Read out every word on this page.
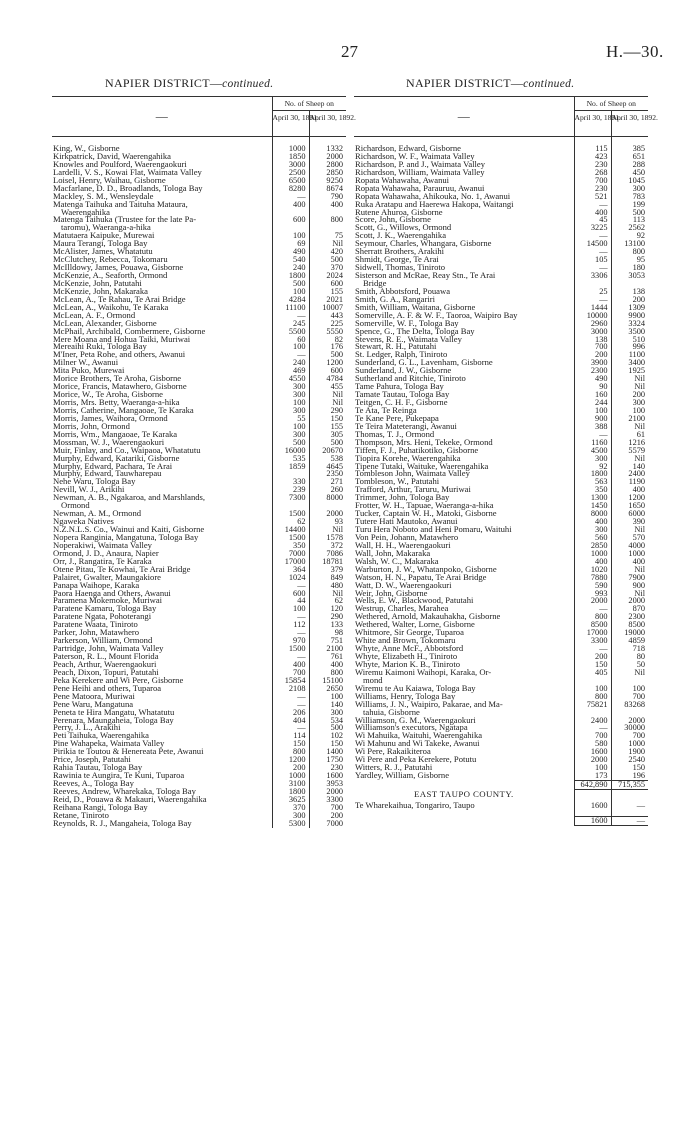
27	H.—30.
NAPIER DISTRICT—continued.	NAPIER DISTRICT—continued.
—	No. of Sheep on	
	April 30, 1891.	April 30, 1892.

King, W., Gisborne	1000	1332
Kirkpatrick, David, Waerengahika	1850	2000
Knowles and Poulford, Waerengaokuri	3000	2800
Lardelli, V. S., Kowai Flat, Waimata Valley	2500	2850
Loisel, Henry, Waihau, Gisborne	6500	9250
Macfarlane, D. D., Broadlands, Tologa Bay	8280	8674
Mackley, S. M., Wensleydale	—	790
Matenga Taihuka and Taituha Mataura,	400	400
Waerengahika		
Matenga Taihuka (Trustee for the late Pa-	600	800
taromu), Waeranga-a-hika		
Matutaera Kaipuke, Murewai	100	75
Maura Terangi, Tologa Bay	69	Nil
McAlister, James, Whatatutu	490	420
McClutchey, Rebecca, Tokomaru	540	500
McIlldowy, James, Pouawa, Gisborne	240	370
McKenzie, A., Seaforth, Ormond	1800	2024
McKenzie, John, Patutahi	500	600
McKenzie, John, Makaraka	100	155
McLean, A., Te Rahau, Te Arai Bridge	4284	2021
McLean, A., Waikohu, Te Karaka	11100	10007
McLean, A. F., Ormond	—	443
McLean, Alexander, Gisborne	245	225
McPhail, Archibald, Combermere, Gisborne	5500	5550
Mere Moana and Hohua Taiki, Muriwai	60	82
Mereaihi Ruki, Tologa Bay	100	176
M'Iner, Peta Rohe, and others, Awanui	—	500
Milner W., Awanui	240	1200
Mita Puko, Murewai	469	600
Morice Brothers, Te Aroha, Gisborne	4550	4784
Morice, Francis, Matawhero, Gisborne	300	455
Morice, W., Te Aroha, Gisborne	300	Nil
Morris, Mrs. Betty, Waeranga-a-hika	100	Nil
Morris, Catherine, Mangaoae, Te Karaka	300	290
Morris, James, Waihora, Ormond	55	150
Morris, John, Ormond	100	155
Morris, Wm., Mangaoae, Te Karaka	300	305
Mossman, W. J., Waerengaokuri	500	500
Muir, Finlay, and Co., Waipaoa, Whatatutu	16000	20670
Murphy, Edward, Katariki, Gisborne	535	538
Murphy, Edward, Pachara, Te Arai	1859	4645
Murphy, Edward, Tauwharepau		2350
Nehe Waru, Tologa Bay	330	271
Nevill, W. J., Arikihi	239	260
Newman, A. B., Ngakaroa, and Marshlands,	7300	8000
Ormond		
Newman, A. M., Ormond	1500	2000
Ngaweka Natives	62	93
N.Z.N.L.S. Co., Wainui and Kaiti, Gisborne	14400	Nil
Nopera Ranginia, Mangatuna, Tologa Bay	1500	1578
Noperakiwi, Waimata Valley	350	372
Ormond, J. D., Anaura, Napier	7000	7086
Orr, J., Rangatira, Te Karaka	17000	18781
Otene Pitau, Te Kowhai, Te Arai Bridge	364	379
Palairet, Gwalter, Maungakiore	1024	849
Panapa Waihope, Karaka	—	480
Paora Haenga and Others, Awanui	600	Nil
Paramena Mokemoke, Muriwai	44	62
Paratene Kamaru, Tologa Bay	100	120
Paratene Ngata, Pohoterangi	—	290
Paratene Waata, Tiniroto	112	133
Parker, John, Matawhero	—	98
Parkerson, William, Ormond	970	751
Partridge, John, Waimata Valley	1500	2100
Paterson, R. L., Mount Florida	—	761
Peach, Arthur, Waerengaokuri	400	400
Peach, Dixon, Topuri, Patutahi	700	800
Peka Kerekere and Wi Pere, Gisborne	15854	15100
Pene Heihi and others, Tuparoa	2108	2650
Pene Matoora, Muriwai	—	100
Pene Waru, Mangatuna	—	140
Peneta te Hira Mangatu, Whatatutu	206	300
Perenara, Maungaheia, Tologa Bay	404	534
Perry, J. L., Arakihi	—	500
Peti Taihuka, Waerengahika	114	102
Pine Wahapeka, Waimata Valley	150	150
Pirikia te Toutou & Henereata Pete, Awanui	800	1400
Price, Joseph, Patutahi	1200	1750
Rahia Tautau, Tologa Bay	200	230
Rawinia te Aungira, Te Kuni, Tuparoa	1000	1600
Reeves, A., Tologa Bay	3100	3953
Reeves, Andrew, Wharekaka, Tologa Bay	1800	2000
Reid, D., Pouawa & Makauri, Waerengahika	3625	3300
Reihana Rangi, Tologa Bay	370	700
Retane, Tiniroto	300	200
Reynolds, R. J., Mangaheia, Tologa Bay	5300	7000
—	No. of Sheep on	
	April 30, 1891.	April 30, 1892.

Richardson, Edward, Gisborne	115	385
Richardson, W. F., Waimata Valley	423	651
Richardson, P. and J., Waimata Valley	230	288
Richardson, William, Waimata Valley	268	450
Ropata Wahawaha, Awanui	700	1045
Ropata Wahawaha, Parauruu, Awanui	230	300
Ropata Wahawaha, Ahikouka, No. 1, Awanui	521	783
Ruka Aratapu and Haerewa Hakopa, Waitangi	—	199
Rutene Ahuroa, Gisborne	400	500
Score, John, Gisborne	45	113
Scott, G., Willows, Ormond	3225	2562
Scott, J. K., Waerengahika	—	92
Seymour, Charles, Whangara, Gisborne	14500	13100
Sherratt Brothers, Arakihi	—	800
Shmidt, George, Te Arai	105	95
Sidwell, Thomas, Tiniroto	—	180
Sisterson and McRae, Reay Stn., Te Arai	3306	3053
Bridge		
Smith, Abbotsford, Pouawa	25	138
Smith, G. A., Rangariri	—	200
Smith, William, Waitana, Gisborne	1444	1309
Somerville, A. F. & W. F., Taoroa, Waipiro Bay	10000	9900
Somerville, W. F., Tologa Bay	2960	3324
Spence, G., The Delta, Tologa Bay	3000	3500
Stevens, R. E., Waimata Valley	138	510
Stewart, R. H., Patutahi	700	996
St. Ledger, Ralph, Tiniroto	200	1100
Sunderland, G. L., Lavenham, Gisborne	3900	3400
Sunderland, J. W., Gisborne	2300	1925
Sutherland and Ritchie, Tiniroto	490	Nil
Tame Pahura, Tologa Bay	90	Nil
Tamate Tautau, Tologa Bay	160	200
Teitgen, C. H. F., Gisborne	244	300
Te Ata, Te Reinga	100	100
Te Kane Pere, Pukepapa	900	2100
Te Teira Mateterangi, Awanui	388	Nil
Thomas, T. J., Ormond	—	61
Thompson, Mrs. Heni, Tekeke, Ormond	1160	1216
Tiffen, F. J., Puhatikotiko, Gisborne	4500	5579
Tiopira Korehe, Waerengahika	300	Nil
Tipene Tutaki, Waituke, Waerengahika	92	140
Tombleson John, Waimata Valley	1800	2400
Tombleson, W., Patutahi	563	1190
Trafford, Arthur, Taruru, Muriwai	350	400
Trimmer, John, Tologa Bay	1300	1200
Frotter, W. H., Tapuae, Waeranga-a-hika	1450	1650
Tucker, Captain W. H., Matoki, Gisborne	8000	6000
Tutere Hati Mautoko, Awanui	400	390
Turu Hera Noboto and Heni Pomaru, Waituhi	300	Nil
Von Pein, Johann, Matawhero	560	570
Wall, H. H., Waerengaokuri	2850	4000
Wall, John, Makaraka	1000	1000
Walsh, W. C., Makaraka	400	400
Warburton, J. W., Whatanpoko, Gisborne	1020	Nil
Watson, H. N., Papatu, Te Arai Bridge	7880	7900
Watt, D. W., Waerengaokuri	590	900
Weir, John, Gisborne	993	Nil
Wells, E. W., Blackwood, Patutahi	2000	2000
Westrup, Charles, Marahea	—	870
Wethered, Arnold, Makauhakha, Gisborne	800	2300
Wethered, Walter, Lorne, Gisborne	8500	8500
Whitmore, Sir George, Tuparoa	17000	19000
White and Brown, Tokomaru	3300	4859
Whyte, Anne McF., Abbotsford	—	718
Whyte, Elizabeth H., Tiniroto	200	80
Whyte, Marion K. B., Tiniroto	150	50
Wiremu Kaimoni Waihopi, Karaka, Or-	405	Nil
mond		
Wiremu te Au Kaiawa, Tologa Bay	100	100
Williams, Henry, Tologa Bay	800	700
Williams, J. N., Waipiro, Pakarae, and Ma-	75821	83268
tahuia, Gisborne		
Williamson, G. M., Waerengaokuri	2400	2000
Williamson's executors, Ngatapa	—	30000
Wi Mahuika, Waituhi, Waerengahika	700	700
Wi Mahunu and Wi Takeke, Awanui	580	1000
Wi Pere, Rakaikiteroa	1600	1900
Wi Pere and Peka Kerekere, Potutu	2000	2540
Witters, R. J., Patutahi	100	150
Yardley, William, Gisborne	173	196
	642,890	715,355
EAST TAUPO COUNTY.		
Te Wharekaihua, Tongariro, Taupo	1600	—

	1600	—
